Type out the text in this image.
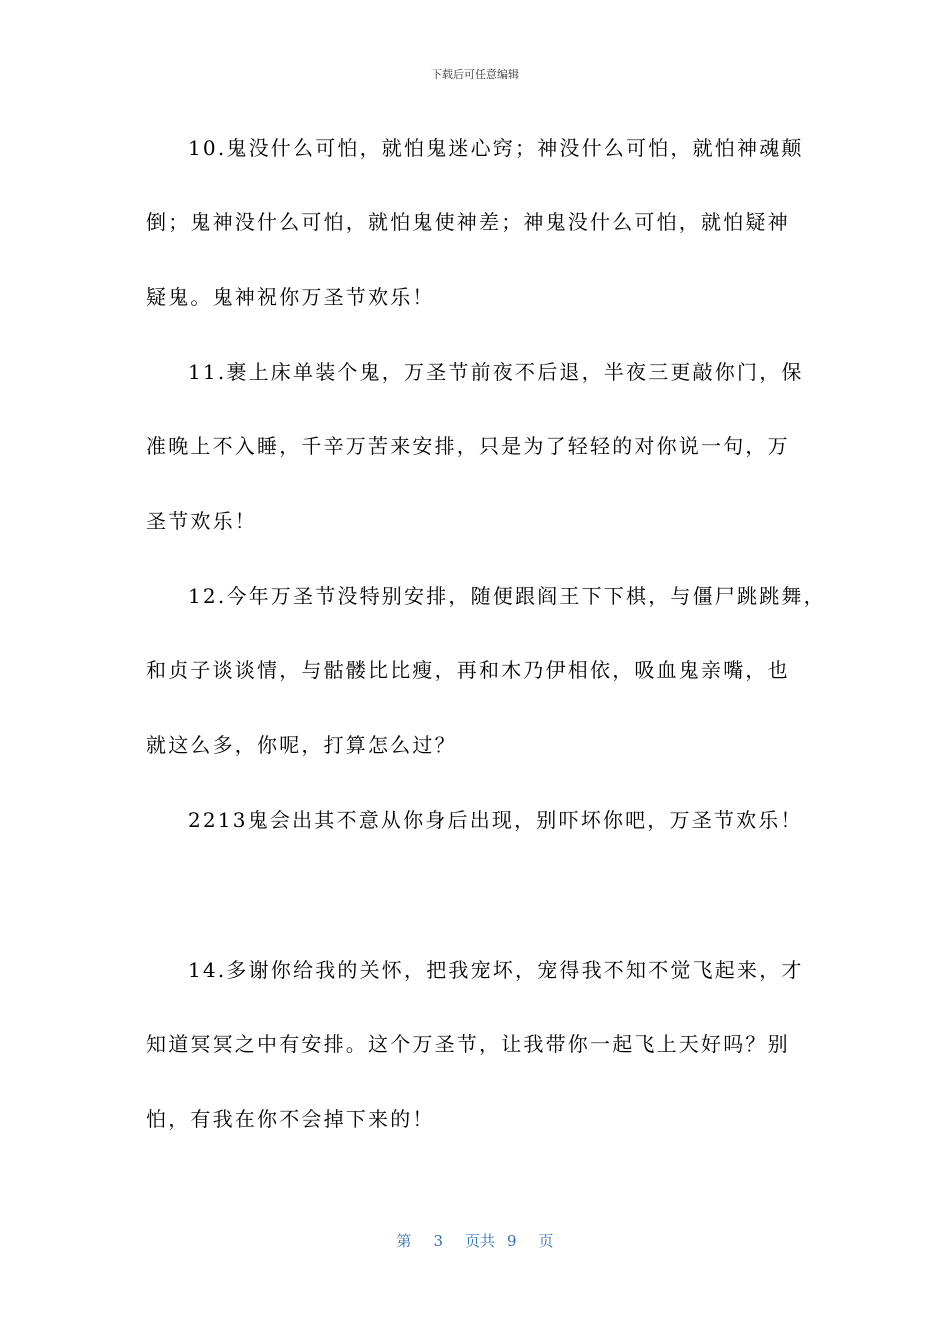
下载后可任意编辑
10.鬼没什么可怕，就怕鬼迷心窍；神没什么可怕，就怕神魂颠
倒；鬼神没什么可怕，就怕鬼使神差；神鬼没什么可怕，就怕疑神
疑鬼。鬼神祝你万圣节欢乐！
11.裹上床单装个鬼，万圣节前夜不后退，半夜三更敲你门，保
准晚上不入睡，千辛万苦来安排，只是为了轻轻的对你说一句，万
圣节欢乐！
12.今年万圣节没特别安排，随便跟阎王下下棋，与僵尸跳跳舞，
和贞子谈谈情，与骷髅比比瘦，再和木乃伊相依，吸血鬼亲嘴，也
就这么多，你呢，打算怎么过？
2213鬼会出其不意从你身后出现，别吓坏你吧，万圣节欢乐！
14.多谢你给我的关怀，把我宠坏，宠得我不知不觉飞起来，才
知道冥冥之中有安排。这个万圣节，让我带你一起飞上天好吗？别
怕，有我在你不会掉下来的！
第 3 页共 9 页
